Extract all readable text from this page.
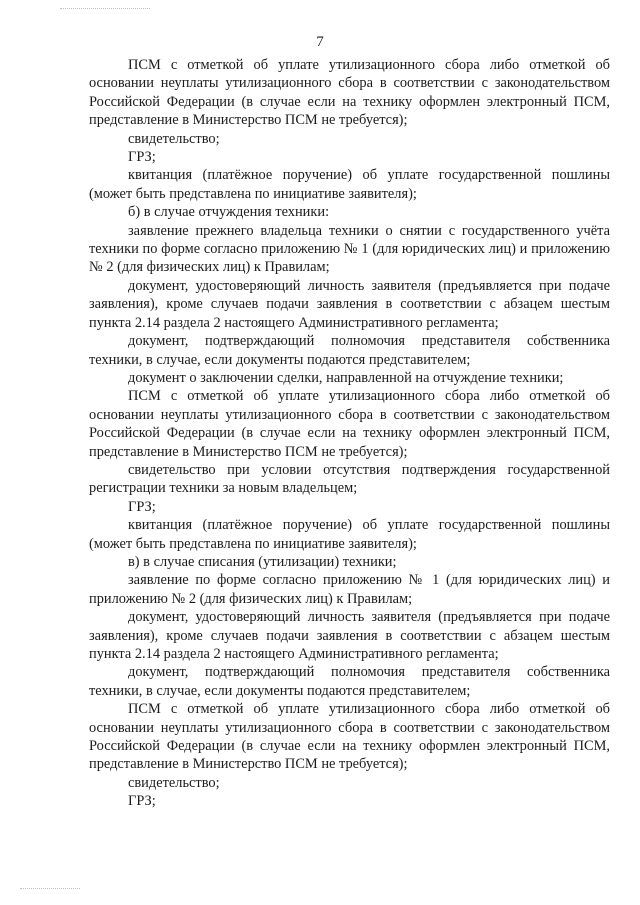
7

ПСМ с отметкой об уплате утилизационного сбора либо отметкой об основании неуплаты утилизационного сбора в соответствии с законодательством Российской Федерации (в случае если на технику оформлен электронный ПСМ, представление в Министерство ПСМ не требуется);

свидетельство;

ГРЗ;

квитанция (платёжное поручение) об уплате государственной пошлины (может быть представлена по инициативе заявителя);

б) в случае отчуждения техники:

заявление прежнего владельца техники о снятии с государственного учёта техники по форме согласно приложению № 1 (для юридических лиц) и приложению № 2 (для физических лиц) к Правилам;

документ, удостоверяющий личность заявителя (предъявляется при подаче заявления), кроме случаев подачи заявления в соответствии с абзацем шестым пункта 2.14 раздела 2 настоящего Административного регламента;

документ, подтверждающий полномочия представителя собственника техники, в случае, если документы подаются представителем;

документ о заключении сделки, направленной на отчуждение техники;

ПСМ с отметкой об уплате утилизационного сбора либо отметкой об основании неуплаты утилизационного сбора в соответствии с законодательством Российской Федерации (в случае если на технику оформлен электронный ПСМ, представление в Министерство ПСМ не требуется);

свидетельство при условии отсутствия подтверждения государственной регистрации техники за новым владельцем;

ГРЗ;

квитанция (платёжное поручение) об уплате государственной пошлины (может быть представлена по инициативе заявителя);

в) в случае списания (утилизации) техники;

заявление по форме согласно приложению № 1 (для юридических лиц) и приложению № 2 (для физических лиц) к Правилам;

документ, удостоверяющий личность заявителя (предъявляется при подаче заявления), кроме случаев подачи заявления в соответствии с абзацем шестым пункта 2.14 раздела 2 настоящего Административного регламента;

документ, подтверждающий полномочия представителя собственника техники, в случае, если документы подаются представителем;

ПСМ с отметкой об уплате утилизационного сбора либо отметкой об основании неуплаты утилизационного сбора в соответствии с законодательством Российской Федерации (в случае если на технику оформлен электронный ПСМ, представление в Министерство ПСМ не требуется);

свидетельство;

ГРЗ;
